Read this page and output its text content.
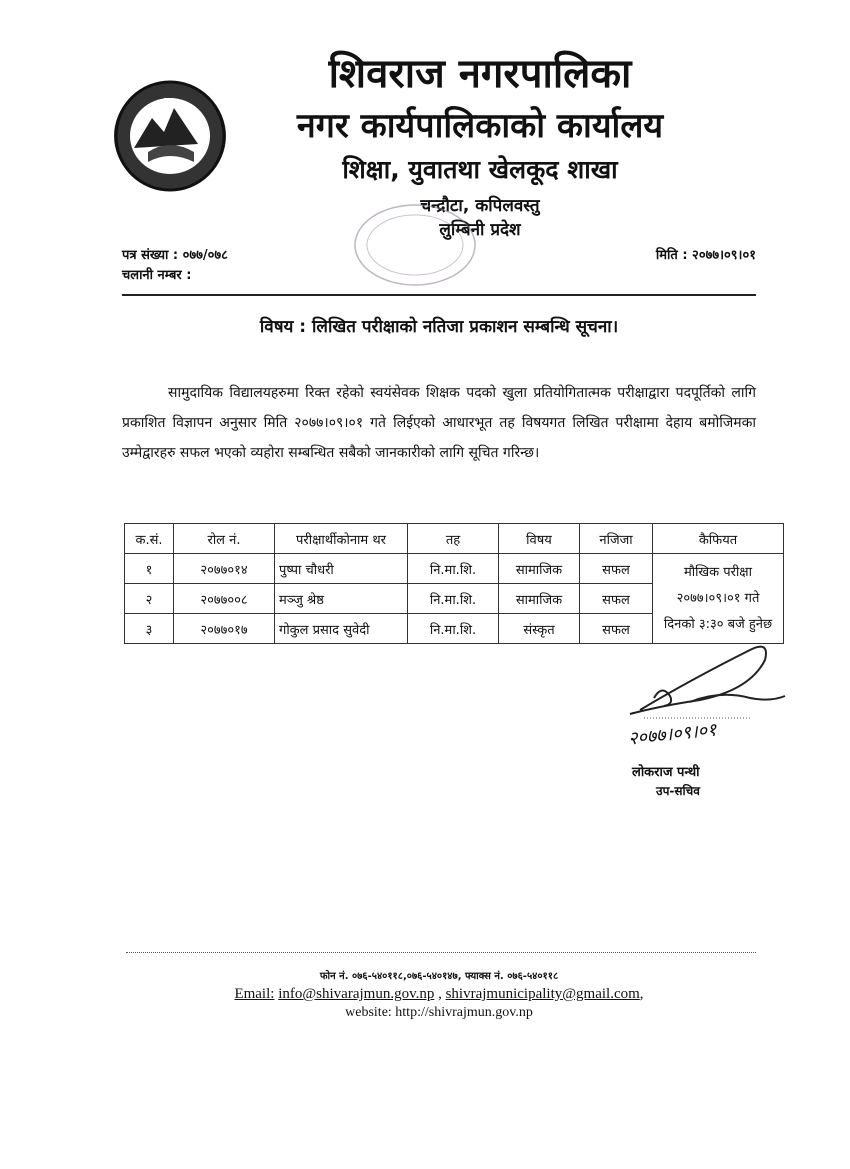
शिवराज नगरपालिका
नगर कार्यपालिकाको कार्यालय
शिक्षा, युवातथा खेलकूद शाखा
चन्द्रौटा, कपिलवस्तु
लुम्बिनी प्रदेश
पत्र संख्या : ०७७/०७८
चलानी नम्बर :
मिति : २०७७।०९।०१
विषय : लिखित परीक्षाको नतिजा प्रकाशन सम्बन्धि सूचना।
सामुदायिक विद्यालयहरुमा रिक्त रहेको स्वयंसेवक शिक्षक पदको खुला प्रतियोगितात्मक परीक्षाद्वारा पदपूर्तिको लागि प्रकाशित विज्ञापन अनुसार मिति २०७७।०९।०१ गते लिईएको आधारभूत तह विषयगत लिखित परीक्षामा देहाय बमोजिमका उम्मेद्वारहरु सफल भएको व्यहोरा सम्बन्धित सबैको जानकारीको लागि सूचित गरिन्छ।
क.सं.	रोल नं.	परीक्षार्थीकोनाम थर	तह	विषय	नजिजा	कैफियत
१	२०७७०१४	पुष्पा चौधरी	नि.मा.शि.	सामाजिक	सफल	मौखिक परीक्षा
२०७७।०९।०१ गते
दिनको ३:३० बजे हुनेछ

२	२०७७००८	मञ्जु श्रेष्ठ	नि.मा.शि.	सामाजिक	सफल	
३	२०७७०१७	गोकुल प्रसाद सुवेदी	नि.मा.शि.	संस्कृत	सफल	
२०७७।०९।०१
लोकराज पन्थी
उप-सचिव
फोन नं. ०७६-५४०११८,०७६-५४०१४७, फ्याक्स नं. ०७६-५४०११८
Email: info@shivarajmun.gov.np , shivrajmunicipality@gmail.com,
website: http://shivrajmun.gov.np
